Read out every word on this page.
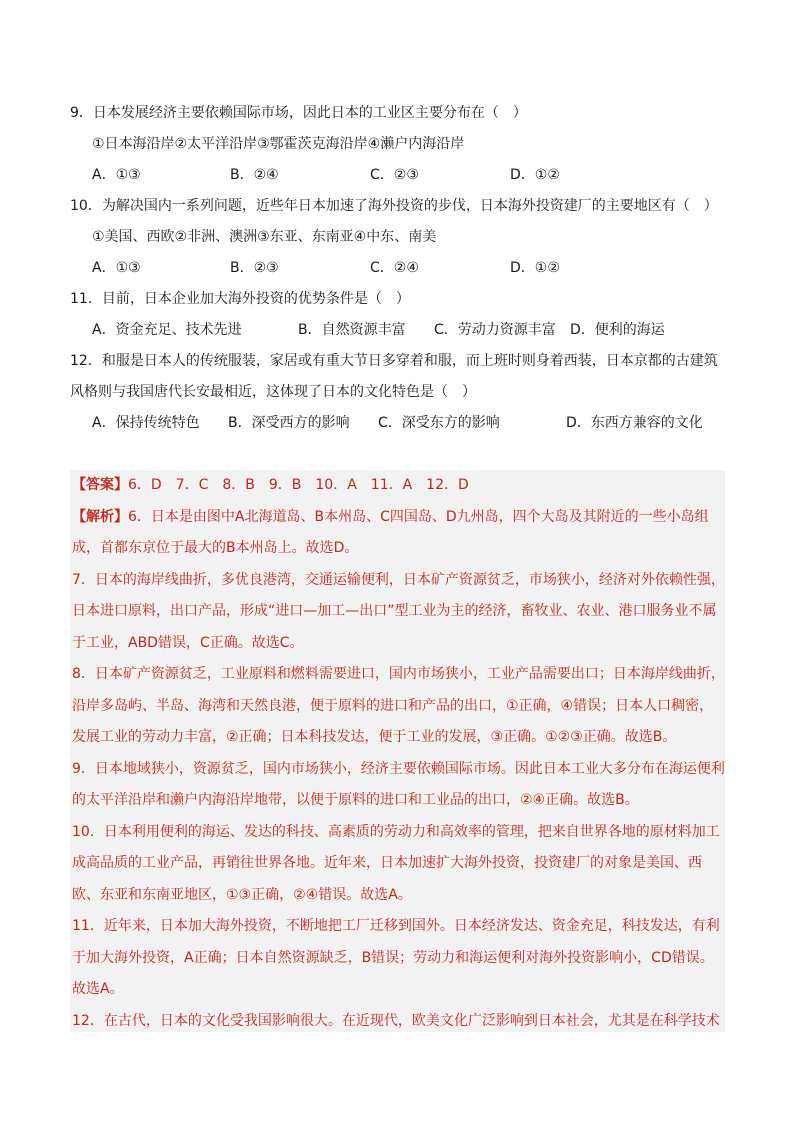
9．日本发展经济主要依赖国际市场，因此日本的工业区主要分布在（　）

①日本海沿岸②太平洋沿岸③鄂霍茨克海沿岸④濑户内海沿岸

A．①③	B．②④	C．②③	D．①②

10．为解决国内一系列问题，近些年日本加速了海外投资的步伐，日本海外投资建厂的主要地区有（　）

①美国、西欧②非洲、澳洲③东亚、东南亚④中东、南美

A．①③	B．②③	C．②④	D．①②

11．目前，日本企业加大海外投资的优势条件是（　）

A．资金充足、技术先进	B．自然资源丰富	C．劳动力资源丰富	D．便利的海运

12．和服是日本人的传统服装，家居或有重大节日多穿着和服，而上班时则身着西装，日本京都的古建筑风格则与我国唐代长安最相近，这体现了日本的文化特色是（　）

A．保持传统特色	B．深受西方的影响	C．深受东方的影响	D．东西方兼容的文化

【答案】6．D　7．C　8．B　9．B　10．A　11．A　12．D

【解析】6．日本是由图中A北海道岛、B本州岛、C四国岛、D九州岛，四个大岛及其附近的一些小岛组成，首都东京位于最大的B本州岛上。故选D。

7．日本的海岸线曲折，多优良港湾，交通运输便利，日本矿产资源贫乏，市场狭小，经济对外依赖性强，日本进口原料，出口产品，形成“进口—加工—出口”型工业为主的经济，畜牧业、农业、港口服务业不属于工业，ABD错误，C正确。故选C。

8．日本矿产资源贫乏，工业原料和燃料需要进口，国内市场狭小，工业产品需要出口；日本海岸线曲折，沿岸多岛屿、半岛、海湾和天然良港，便于原料的进口和产品的出口，①正确，④错误；日本人口稠密，发展工业的劳动力丰富，②正确；日本科技发达，便于工业的发展，③正确。①②③正确。故选B。

9．日本地域狭小，资源贫乏，国内市场狭小，经济主要依赖国际市场。因此日本工业大多分布在海运便利的太平洋沿岸和濑户内海沿岸地带，以便于原料的进口和工业品的出口，②④正确。故选B。

10．日本利用便利的海运、发达的科技、高素质的劳动力和高效率的管理，把来自世界各地的原材料加工成高品质的工业产品，再销往世界各地。近年来，日本加速扩大海外投资，投资建厂的对象是美国、西欧、东亚和东南亚地区，①③正确，②④错误。故选A。

11．近年来，日本加大海外投资，不断地把工厂迁移到国外。日本经济发达、资金充足，科技发达，有利于加大海外投资，A正确；日本自然资源缺乏，B错误；劳动力和海运便利对海外投资影响小，CD错误。故选A。

12．在古代，日本的文化受我国影响很大。在近现代，欧美文化广泛影响到日本社会，尤其是在科学技术
